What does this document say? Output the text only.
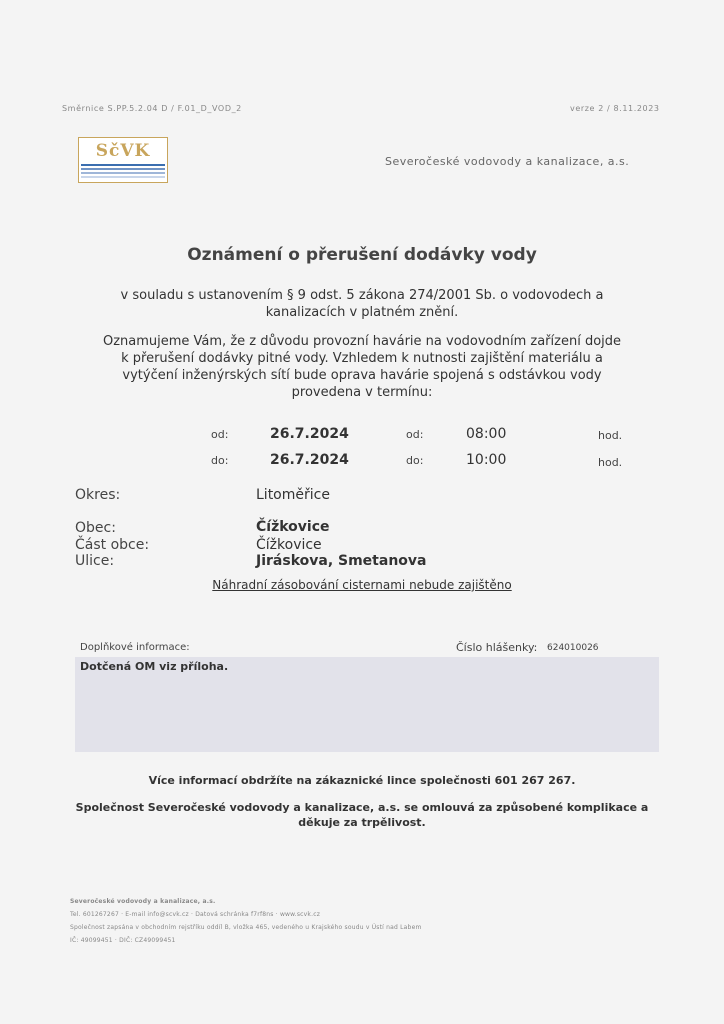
Směrnice S.PP.5.2.04 D / F.01_D_VOD_2	verze 2 / 8.11.2023
SčVK
Severočeské vodovody a kanalizace, a.s.
Oznámení o přerušení dodávky vody
v souladu s ustanovením § 9 odst. 5 zákona 274/2001 Sb. o vodovodech a
kanalizacích v platném znění.
Oznamujeme Vám, že z důvodu provozní havárie na vodovodním zařízení dojde
k přerušení dodávky pitné vody. Vzhledem k nutnosti zajištění materiálu a
vytýčení inženýrských sítí bude oprava havárie spojená s odstávkou vody
provedena v termínu:
od:	26.7.2024	od:	08:00	hod.
do:	26.7.2024	do:	10:00	hod.
Okres:	Litoměřice
Obec:	Čížkovice
Část obce:	Čížkovice
Ulice:	Jiráskova, Smetanova
Náhradní zásobování cisternami nebude zajištěno
Doplňkové informace:	Číslo hlášenky: 624010026
Dotčená OM viz příloha.
Více informací obdržíte na zákaznické lince společnosti 601 267 267.
Společnost Severočeské vodovody a kanalizace, a.s. se omlouvá za způsobené komplikace a
děkuje za trpělivost.
Severočeské vodovody a kanalizace, a.s.
Tel. 601267267 · E-mail info@scvk.cz · Datová schránka f7rf8ns · www.scvk.cz
Společnost zapsána v obchodním rejstříku oddíl B, vložka 465, vedeného u Krajského soudu v Ústí nad Labem
IČ: 49099451 · DIČ: CZ49099451
